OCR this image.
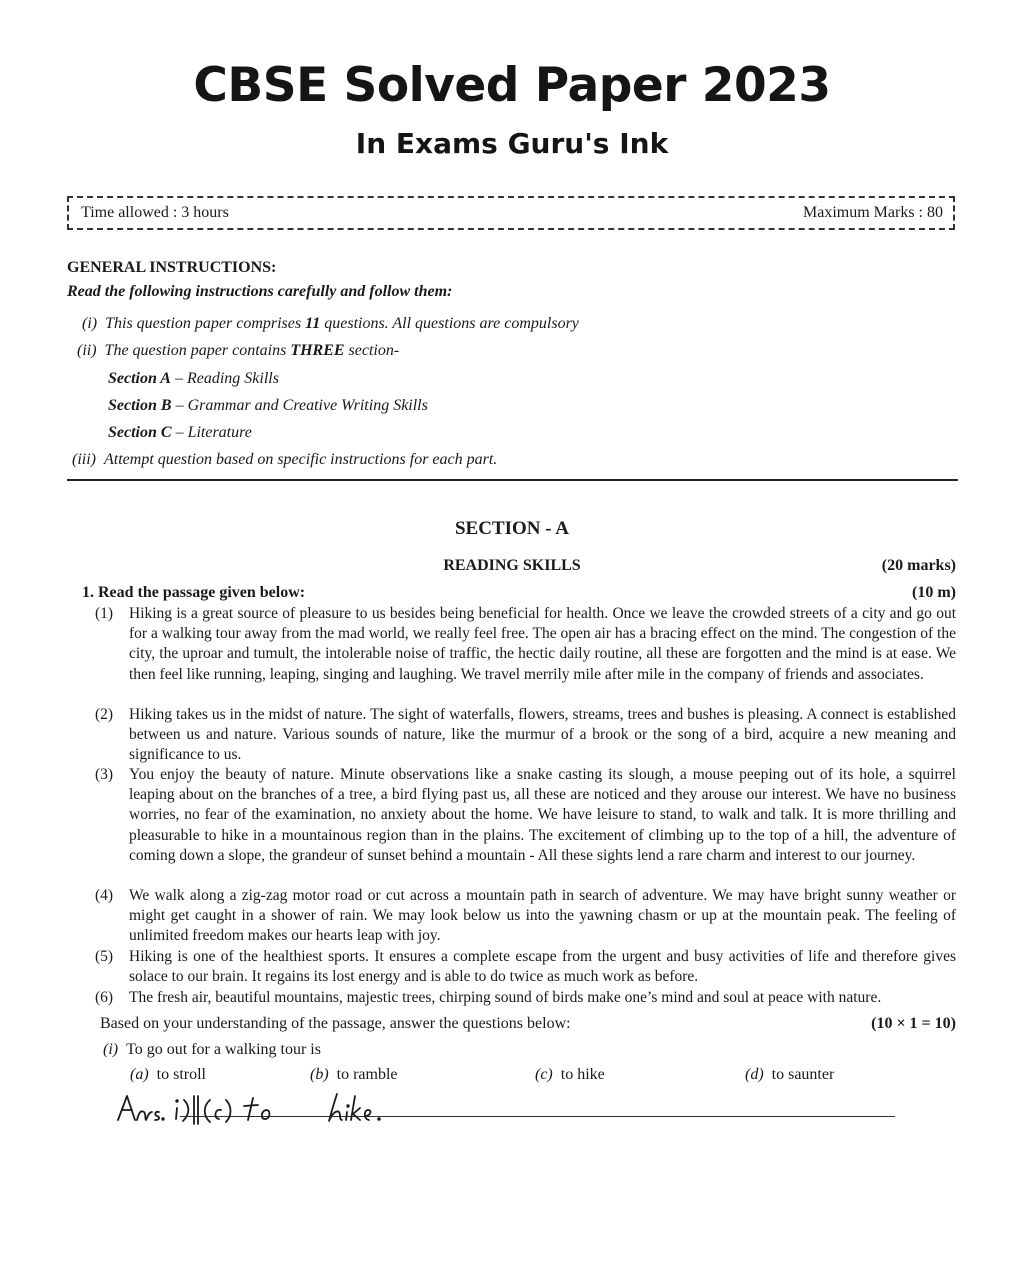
CBSE Solved Paper 2023
In Exams Guru's Ink
Time allowed : 3 hours	Maximum Marks : 80
GENERAL INSTRUCTIONS:
Read the following instructions carefully and follow them:
(i) This question paper comprises 11 questions. All questions are compulsory
(ii) The question paper contains THREE section-
Section A – Reading Skills
Section B – Grammar and Creative Writing Skills
Section C – Literature
(iii) Attempt question based on specific instructions for each part.
SECTION - A
READING SKILLS	(20 marks)
1. Read the passage given below:	(10 m)
(1)	Hiking is a great source of pleasure to us besides being beneficial for health. Once we leave the crowded streets of a city and go out for a walking tour away from the mad world, we really feel free. The open air has a bracing effect on the mind. The congestion of the city, the uproar and tumult, the intolerable noise of traffic, the hectic daily routine, all these are forgotten and the mind is at ease. We then feel like running, leaping, singing and laughing. We travel merrily mile after mile in the company of friends and associates.
(2)	Hiking takes us in the midst of nature. The sight of waterfalls, flowers, streams, trees and bushes is pleasing. A connect is established between us and nature. Various sounds of nature, like the murmur of a brook or the song of a bird, acquire a new meaning and significance to us.
(3)	You enjoy the beauty of nature. Minute observations like a snake casting its slough, a mouse peeping out of its hole, a squirrel leaping about on the branches of a tree, a bird flying past us, all these are noticed and they arouse our interest. We have no business worries, no fear of the examination, no anxiety about the home. We have leisure to stand, to walk and talk. It is more thrilling and pleasurable to hike in a mountainous region than in the plains. The excitement of climbing up to the top of a hill, the adventure of coming down a slope, the grandeur of sunset behind a mountain - All these sights lend a rare charm and interest to our journey.
(4)	We walk along a zig-zag motor road or cut across a mountain path in search of adventure. We may have bright sunny weather or might get caught in a shower of rain. We may look below us into the yawning chasm or up at the mountain peak. The feeling of unlimited freedom makes our hearts leap with joy.
(5)	Hiking is one of the healthiest sports. It ensures a complete escape from the urgent and busy activities of life and therefore gives solace to our brain. It regains its lost energy and is able to do twice as much work as before.
(6)	The fresh air, beautiful mountains, majestic trees, chirping sound of birds make one’s mind and soul at peace with nature.
Based on your understanding of the passage, answer the questions below:	(10 × 1 = 10)
(i) To go out for a walking tour is
(a) to stroll	(b) to ramble	(c) to hike	(d) to saunter
